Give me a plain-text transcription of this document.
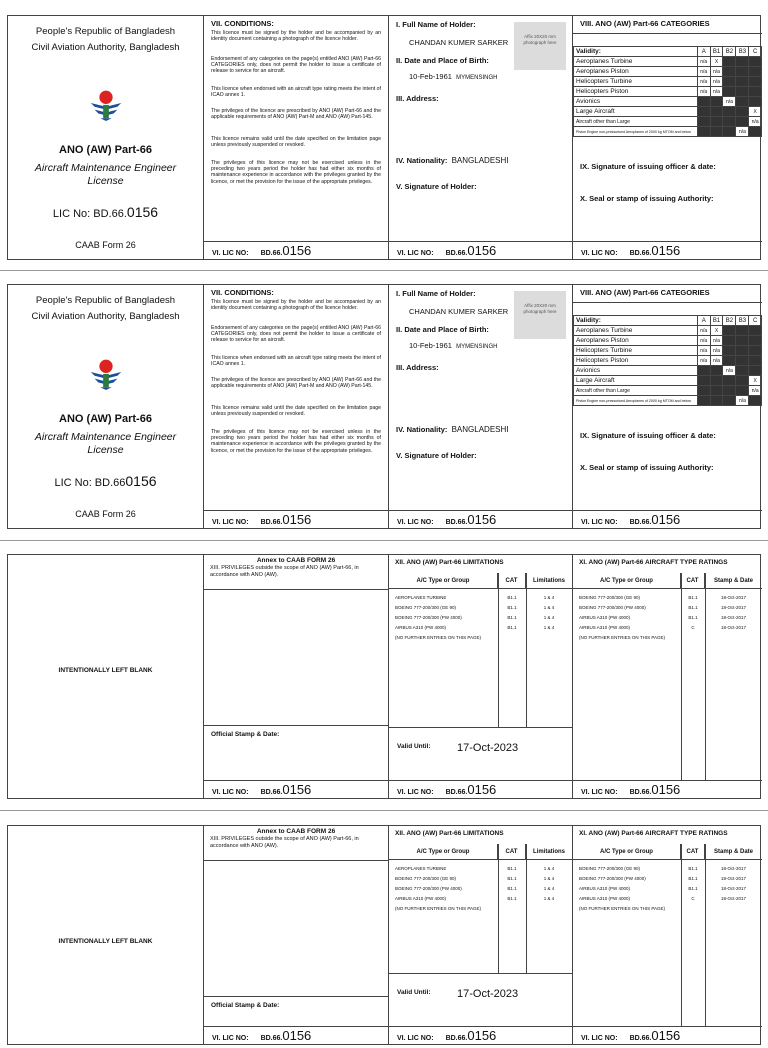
People's Republic of Bangladesh
Civil Aviation Authority, Bangladesh
ANO (AW) Part-66
Aircraft Maintenance Engineer License
LIC No: BD.66.0156
CAAB Form 26
VII. CONDITIONS:
This licence must be signed by the holder and be accompanied by an identity document containing a photograph of the licence holder.
Endorsement of any categories on the page(s) entitled ANO (AW) Part-66 CATEGORIES only, does not permit the holder to issue a certificate of release to service for an aircraft.
This licence when endorsed with an aircraft type rating meets the intent of ICAO annex 1.
The privileges of the licence are prescribed by ANO (AW) Part-66 and the applicable requirements of ANO (AW) Part-M and ANO (AW) Part-145.
This licence remains valid until the date specified on the limitation page unless previously suspended or revoked.
The privileges of this licence may not be exercised unless in the preceding two years period the holder has had either six months of maintenance experience in accordance with the privileges granted by the licence, or met the provision for the issue of the appropriate privileges.
VI. LIC NO: BD.66.0156
I. Full Name of Holder:
CHANDAN KUMER SARKER
Affix 20X20 mm photograph here
II. Date and Place of Birth:
10-Feb-1961 MYMENSINGH
III. Address:
IV. Nationality: BANGLADESHI
V. Signature of Holder:
VI. LIC NO: BD.66.0156
VIII. ANO (AW) Part-66 CATEGORIES
Validity:	A	B1	B2	B3	C
Aeroplanes Turbine	n/a	X			
Aeroplanes Piston	n/a	n/a			
Helicopters Turbine	n/a	n/a			
Helicopters Piston	n/a	n/a			
Avionics			n/a		
Large Aircraft					X
Aircraft other than Large					n/a
Piston Engine non-pressurised Aeroplanes of 2000 kg MTOM and below				n/a	
IX. Signature of issuing officer & date:
X. Seal or stamp of issuing Authority:
VI. LIC NO: BD.66.0156
People's Republic of Bangladesh
Civil Aviation Authority, Bangladesh
ANO (AW) Part-66
Aircraft Maintenance Engineer License
LIC No: BD.660156
CAAB Form 26
VII. CONDITIONS:
This licence must be signed by the holder and be accompanied by an identity document containing a photograph of the licence holder.
Endorsement of any categories on the page(s) entitled ANO (AW) Part-66 CATEGORIES only, does not permit the holder to issue a certificate of release to service for an aircraft.
This licence when endorsed with an aircraft type rating meets the intent of ICAO annex 1.
The privileges of the licence are prescribed by ANO (AW) Part-66 and the applicable requirements of ANO (AW) Part-M and ANO (AW) Part-145.
This licence remains valid until the date specified on the limitation page unless previously suspended or revoked.
The privileges of this licence may not be exercised unless in the preceding two years period the holder has had either six months of maintenance experience in accordance with the privileges granted by the licence, or met the provision for the issue of the appropriate privileges.
VI. LIC NO: BD.66.0156
I. Full Name of Holder:
CHANDAN KUMER SARKER
Affix 20X20 mm photograph here
II. Date and Place of Birth:
10-Feb-1961 MYMENSINGH
III. Address:
IV. Nationality: BANGLADESHI
V. Signature of Holder:
VI. LIC NO: BD.66.0156
VIII. ANO (AW) Part-66 CATEGORIES
Validity:	A	B1	B2	B3	C
Aeroplanes Turbine	n/a	X			
Aeroplanes Piston	n/a	n/a			
Helicopters Turbine	n/a	n/a			
Helicopters Piston	n/a	n/a			
Avionics			n/a		
Large Aircraft					X
Aircraft other than Large					n/a
Piston Engine non-pressurised Aeroplanes of 2000 kg MTOM and below				n/a	
IX. Signature of issuing officer & date:
X. Seal or stamp of issuing Authority:
VI. LIC NO: BD.66.0156
INTENTIONALLY LEFT BLANK
Annex to CAAB FORM 26
XIII. PRIVILEGES outside the scope of ANO (AW) Part-66, in accordance with ANO (AW).
Official Stamp & Date:
VI. LIC NO: BD.66.0156
XII. ANO (AW) Part-66 LIMITATIONS
A/C Type or Group	CAT	Limitations
AEROPLANES TURBINE	B1.1	1 & 4
BOEING 777-200/300 (GE 90)	B1.1	1 & 4
BOEING 777-200/300 (PW 4000)	B1.1	1 & 4
AIRBUS A310 (PW 4000)	B1.1	1 & 4
(NO FURTHER ENTRIES ON THIS PAGE)
Valid Until: 17-Oct-2023
VI. LIC NO: BD.66.0156
XI. ANO (AW) Part-66 AIRCRAFT TYPE RATINGS
A/C Type or Group	CAT	Stamp & Date
BOEING 777-200/300 (GE 90)	B1.1	18-Oct-2017
BOEING 777-200/300 (PW 4000)	B1.1	18-Oct-2017
AIRBUS A310 (PW 4000)	B1.1	18-Oct-2017
AIRBUS A310 (PW 4000)	C	18-Oct-2017
(NO FURTHER ENTRIES ON THIS PAGE)
VI. LIC NO: BD.66.0156
INTENTIONALLY LEFT BLANK
Annex to CAAB FORM 26
XIII. PRIVILEGES outside the scope of ANO (AW) Part-66, in accordance with ANO (AW).
Official Stamp & Date:
VI. LIC NO: BD.66.0156
XII. ANO (AW) Part-66 LIMITATIONS
A/C Type or Group	CAT	Limitations
AEROPLANES TURBINE	B1.1	1 & 4
BOEING 777-200/300 (GE 90)	B1.1	1 & 4
BOEING 777-200/300 (PW 4000)	B1.1	1 & 4
AIRBUS A310 (PW 4000)	B1.1	1 & 4
(NO FURTHER ENTRIES ON THIS PAGE)
Valid Until: 17-Oct-2023
VI. LIC NO: BD.66.0156
XI. ANO (AW) Part-66 AIRCRAFT TYPE RATINGS
A/C Type or Group	CAT	Stamp & Date
BOEING 777-200/300 (GE 90)	B1.1	18-Oct-2017
BOEING 777-200/300 (PW 4000)	B1.1	18-Oct-2017
AIRBUS A310 (PW 4000)	B1.1	18-Oct-2017
AIRBUS A310 (PW 4000)	C	18-Oct-2017
(NO FURTHER ENTRIES ON THIS PAGE)
VI. LIC NO: BD.66.0156
